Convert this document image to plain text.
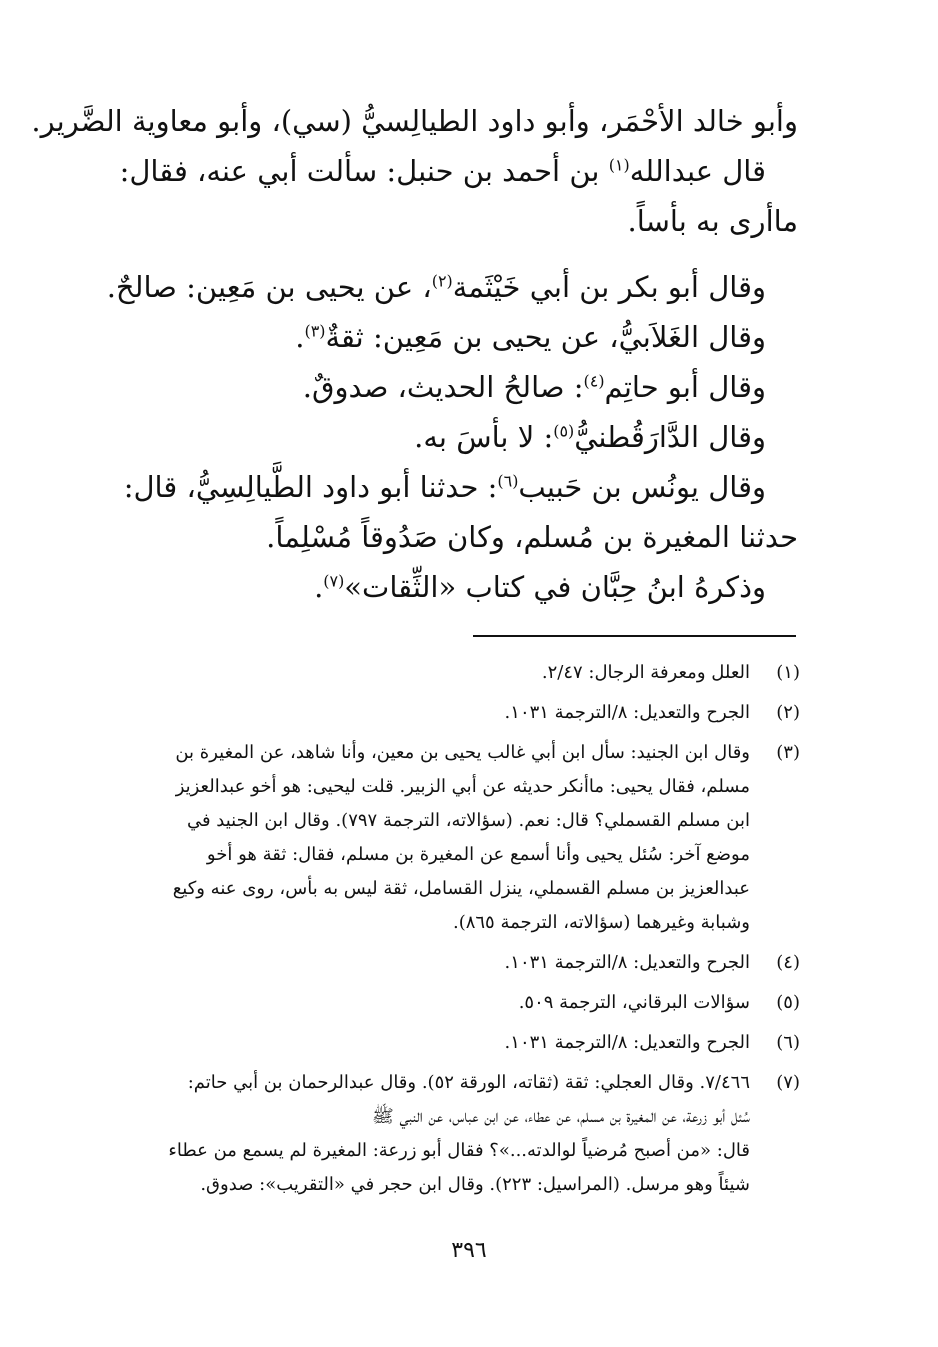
وأبو خالد الأحْمَر، وأبو داود الطيالِسيُّ (سي)، وأبو معاوية الضَّرير.
قال عبدالله$^{(١)}$ بن أحمد بن حنبل: سألت أبي عنه، فقال:
ماأرى به بأساً.
وقال أبو بكر بن أبي خَيْثَمة$^{(٢)}$، عن يحيى بن مَعِين: صالحٌ.
وقال الغَلاَبيُّ، عن يحيى بن مَعِين: ثقةٌ$^{(٣)}$.
وقال أبو حاتِم$^{(٤)}$: صالحُ الحديث، صدوقٌ.
وقال الدَّارَقُطنيُّ$^{(٥)}$: لا بأسَ به.
وقال يونُس بن حَبيب$^{(٦)}$: حدثنا أبو داود الطَّيالِسِيُّ، قال:
حدثنا المغيرة بن مُسلم، وكان صَدُوقاً مُسْلِماً.
وذكرهُ ابنُ حِبَّان في كتاب «الثِّقات»$^{(٧)}$.
(١)
العلل ومعرفة الرجال: ٢/٤٧.
(٢)
الجرح والتعديل: ٨/الترجمة ١٠٣١.
(٣)
وقال ابن الجنيد: سأل ابن أبي غالب يحيى بن معين، وأنا شاهد، عن المغيرة بن
مسلم، فقال يحيى: ماأنكر حديثه عن أبي الزبير. قلت ليحيى: هو أخو عبدالعزيز
ابن مسلم القسملي؟ قال: نعم. (سؤالاته، الترجمة ٧٩٧). وقال ابن الجنيد في
موضع آخر: سُئل يحيى وأنا أسمع عن المغيرة بن مسلم، فقال: ثقة هو أخو
عبدالعزيز بن مسلم القسملي، ينزل القسامل، ثقة ليس به بأس، روى عنه وكيع
وشبابة وغيرهما (سؤالاته، الترجمة ٨٦٥).
(٤)
الجرح والتعديل: ٨/الترجمة ١٠٣١.
(٥)
سؤالات البرقاني، الترجمة ٥٠٩.
(٦)
الجرح والتعديل: ٨/الترجمة ١٠٣١.
(٧)
٧/٤٦٦. وقال العجلي: ثقة (ثقاته، الورقة ٥٢). وقال عبدالرحمان بن أبي حاتم:
سُئل أبو زرعة، عن المغيرة بن مسلم، عن عطاء، عن ابن عباس، عن النبي ﷺ
قال: «من أصبح مُرضياً لوالدته...»؟ فقال أبو زرعة: المغيرة لم يسمع من عطاء
شيئاً وهو مرسل. (المراسيل: ٢٢٣). وقال ابن حجر في «التقريب»: صدوق.
٣٩٦
